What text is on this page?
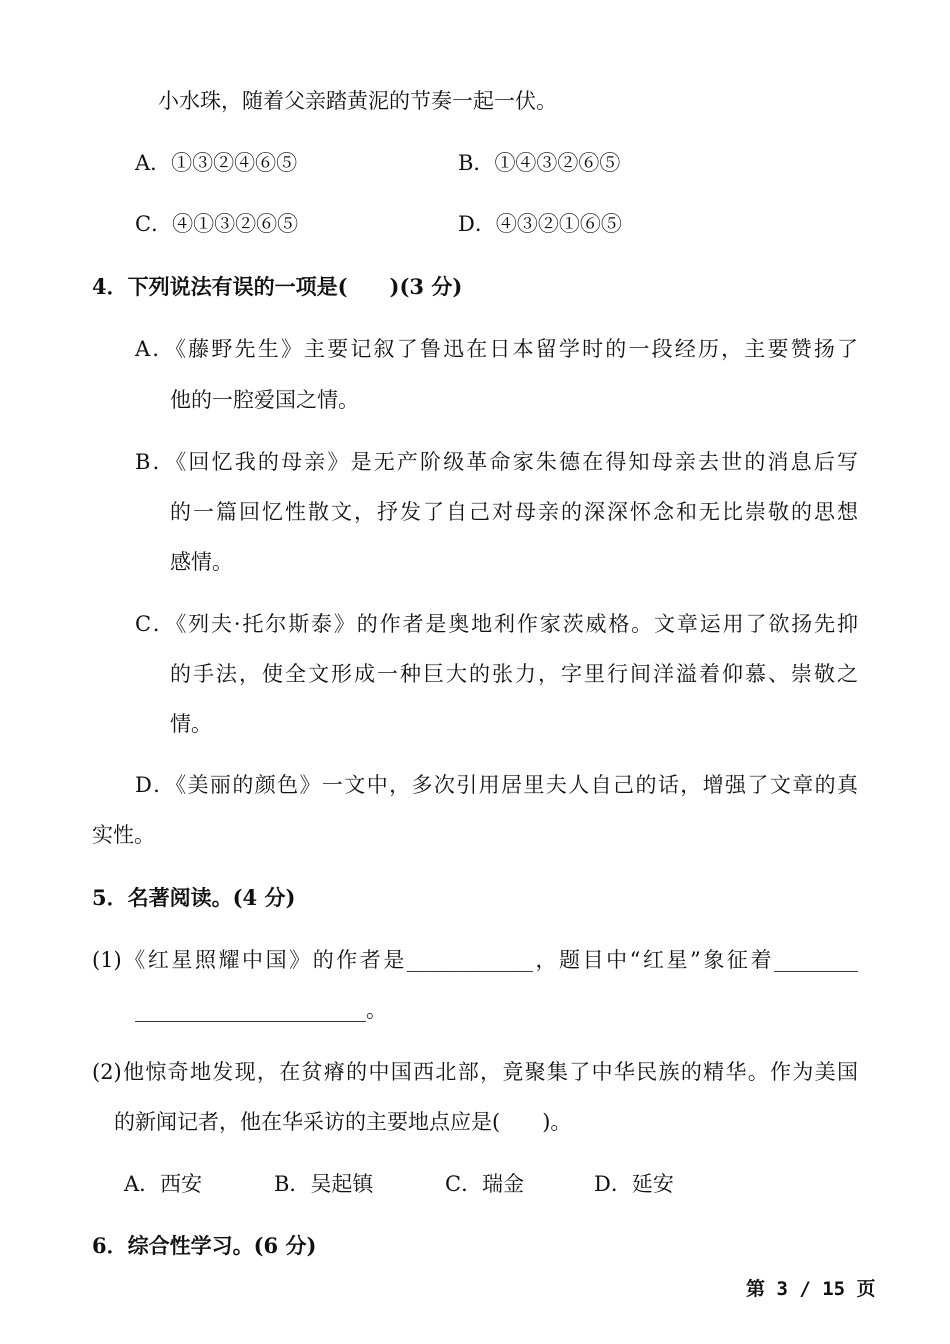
小水珠，随着父亲踏黄泥的节奏一起一伏。
A．①③②④⑥⑤	B．①④③②⑥⑤
C．④①③②⑥⑤	D．④③②①⑥⑤
4．下列说法有误的一项是(　　)(3 分)
A．《藤野先生》主要记叙了鲁迅在日本留学时的一段经历，主要赞扬了
他的一腔爱国之情。
B．《回忆我的母亲》是无产阶级革命家朱德在得知母亲去世的消息后写
的一篇回忆性散文，抒发了自己对母亲的深深怀念和无比崇敬的思想
感情。
C．《列夫·托尔斯泰》的作者是奥地利作家茨威格。文章运用了欲扬先抑
的手法，使全文形成一种巨大的张力，字里行间洋溢着仰慕、崇敬之
情。
D．《美丽的颜色》一文中，多次引用居里夫人自己的话，增强了文章的真
实性。
5．名著阅读。(4 分)
(1)《红星照耀中国》的作者是____________，题目中“红星”象征着________
______________________。
(2)他惊奇地发现，在贫瘠的中国西北部，竟聚集了中华民族的精华。作为美国
的新闻记者，他在华采访的主要地点应是(　　)。
A．西安	B．吴起镇	C．瑞金	D．延安
6．综合性学习。(6 分)
第 3 / 15 页
